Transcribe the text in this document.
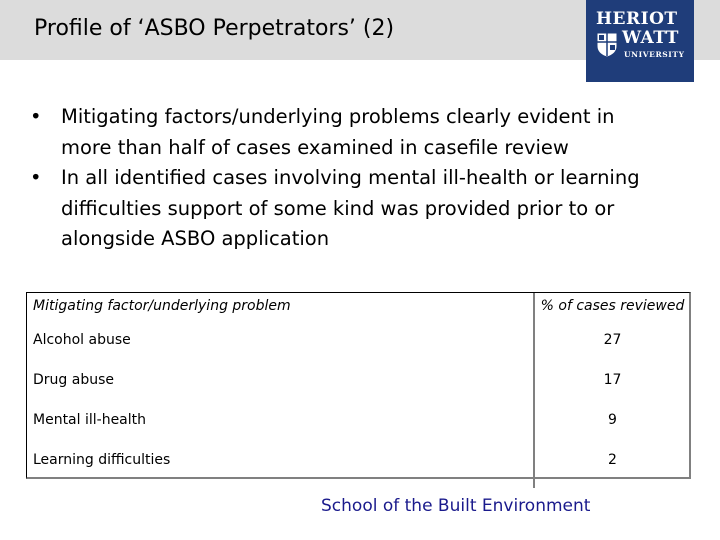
Profile of ‘ASBO Perpetrators’ (2)	HERIOT
WATT
UNIVERSITY
• Mitigating factors/underlying problems clearly evident in more than half of cases examined in casefile review
• In all identified cases involving mental ill-health or learning difficulties support of some kind was provided prior to or alongside ASBO application
Mitigating factor/underlying problem	% of cases reviewed
Alcohol abuse	27
Drug abuse	17
Mental ill-health	9
Learning difficulties	2
School of the Built Environment
